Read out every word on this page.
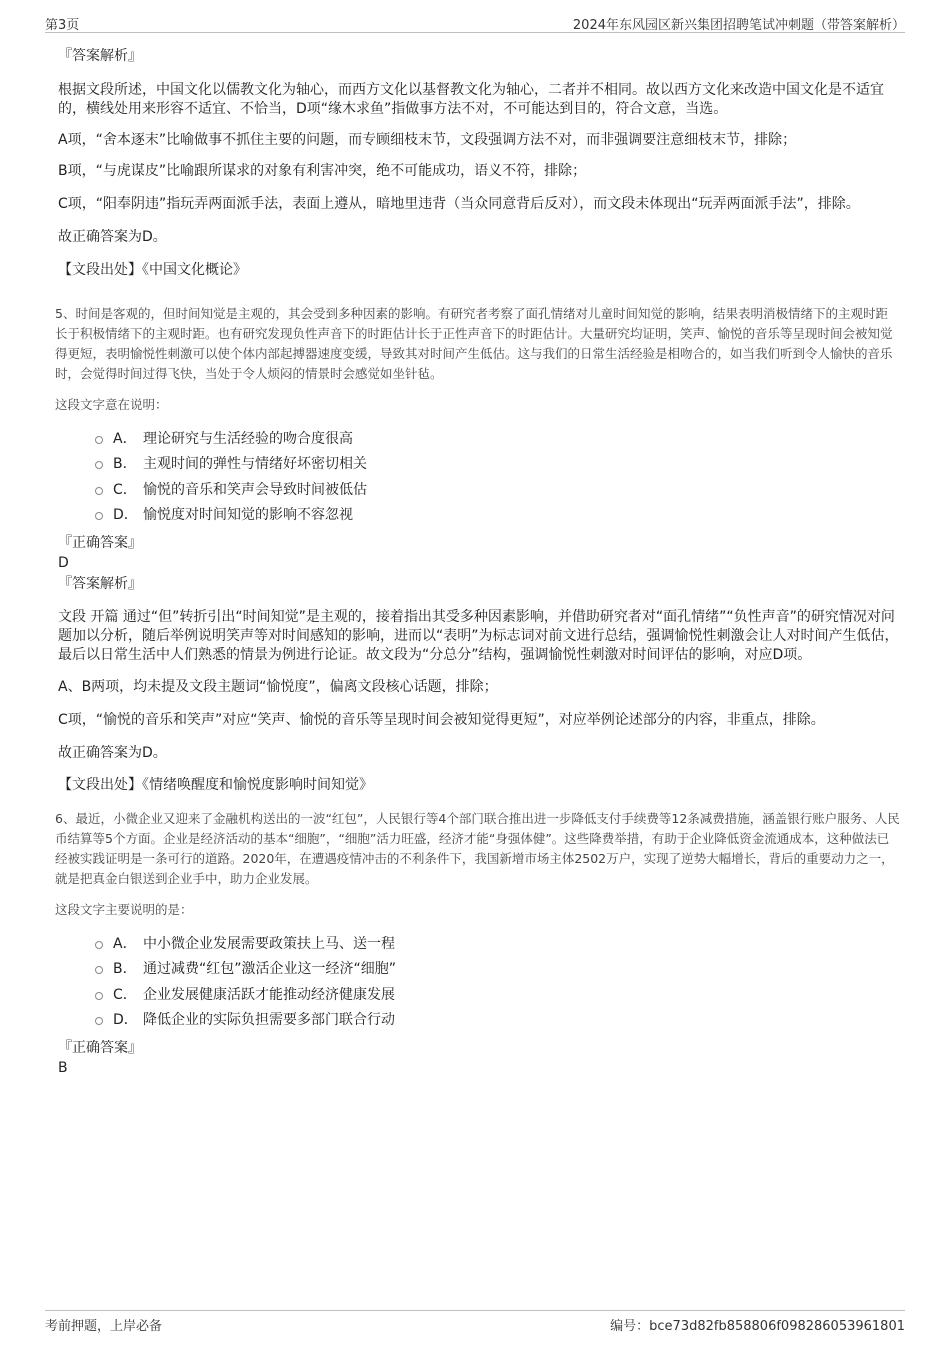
第3页	2024年东风园区新兴集团招聘笔试冲刺题（带答案解析）

『答案解析』

根据文段所述，中国文化以儒教文化为轴心，而西方文化以基督教文化为轴心，二者并不相同。故以西方文化来改造中国文化是不适宜的，横线处用来形容不适宜、不恰当，D项“缘木求鱼”指做事方法不对，不可能达到目的，符合文意，当选。

A项，“舍本逐末”比喻做事不抓住主要的问题，而专顾细枝末节，文段强调方法不对，而非强调要注意细枝末节，排除；

B项，“与虎谋皮”比喻跟所谋求的对象有利害冲突，绝不可能成功，语义不符，排除；

C项，“阳奉阴违”指玩弄两面派手法，表面上遵从，暗地里违背（当众同意背后反对），而文段未体现出“玩弄两面派手法”，排除。

故正确答案为D。

【文段出处】《中国文化概论》

5、时间是客观的，但时间知觉是主观的，其会受到多种因素的影响。有研究者考察了面孔情绪对儿童时间知觉的影响，结果表明消极情绪下的主观时距长于积极情绪下的主观时距。也有研究发现负性声音下的时距估计长于正性声音下的时距估计。大量研究均证明，笑声、愉悦的音乐等呈现时间会被知觉得更短，表明愉悦性刺激可以使个体内部起搏器速度变缓，导致其对时间产生低估。这与我们的日常生活经验是相吻合的，如当我们听到令人愉快的音乐时，会觉得时间过得飞快，当处于令人烦闷的情景时会感觉如坐针毡。

这段文字意在说明：

A． 理论研究与生活经验的吻合度很高
B． 主观时间的弹性与情绪好坏密切相关
C． 愉悦的音乐和笑声会导致时间被低估
D． 愉悦度对时间知觉的影响不容忽视

『正确答案』

D

『答案解析』

文段 开篇 通过“但”转折引出“时间知觉”是主观的，接着指出其受多种因素影响，并借助研究者对“面孔情绪”“负性声音”的研究情况对问题加以分析，随后举例说明笑声等对时间感知的影响，进而以“表明”为标志词对前文进行总结，强调愉悦性刺激会让人对时间产生低估，最后以日常生活中人们熟悉的情景为例进行论证。故文段为“分总分”结构，强调愉悦性刺激对时间评估的影响，对应D项。

A、B两项，均未提及文段主题词“愉悦度”，偏离文段核心话题，排除；

C项，“愉悦的音乐和笑声”对应“笑声、愉悦的音乐等呈现时间会被知觉得更短”，对应举例论述部分的内容，非重点，排除。

故正确答案为D。

【文段出处】《情绪唤醒度和愉悦度影响时间知觉》

6、最近，小微企业又迎来了金融机构送出的一波“红包”，人民银行等4个部门联合推出进一步降低支付手续费等12条减费措施，涵盖银行账户服务、人民币结算等5个方面。企业是经济活动的基本“细胞”，“细胞”活力旺盛，经济才能“身强体健”。这些降费举措，有助于企业降低资金流通成本，这种做法已经被实践证明是一条可行的道路。2020年，在遭遇疫情冲击的不利条件下，我国新增市场主体2502万户，实现了逆势大幅增长，背后的重要动力之一，就是把真金白银送到企业手中，助力企业发展。

这段文字主要说明的是：

A． 中小微企业发展需要政策扶上马、送一程
B． 通过减费“红包”激活企业这一经济“细胞”
C． 企业发展健康活跃才能推动经济健康发展
D． 降低企业的实际负担需要多部门联合行动

『正确答案』

B

考前押题，上岸必备	编号：bce73d82fb858806f098286053961801
